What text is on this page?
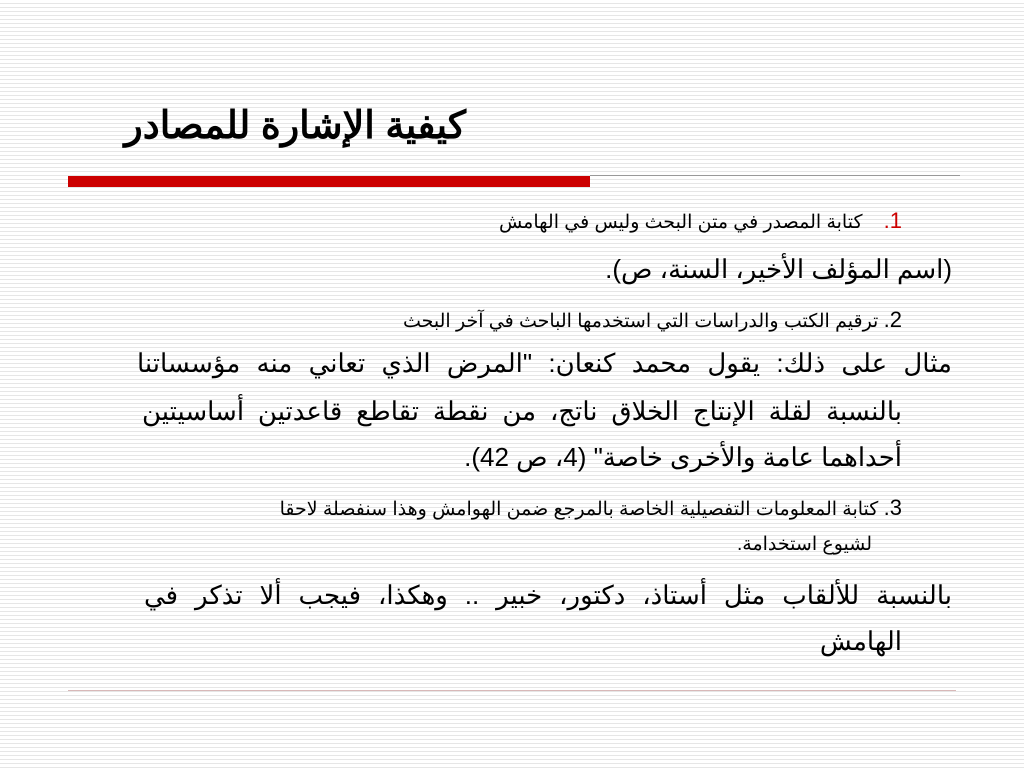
كيفية الإشارة للمصادر
1.    كتابة المصدر في متن البحث وليس في الهامش
(اسم المؤلف الأخير، السنة، ص).
2. ترقيم الكتب والدراسات التي استخدمها الباحث في آخر البحث
مثال على ذلك: يقول محمد كنعان: "المرض الذي تعاني منه مؤسساتنا
بالنسبة لقلة الإنتاج الخلاق ناتج، من نقطة تقاطع قاعدتين أساسيتين
أحداهما عامة والأخرى خاصة" (4، ص 42).
3. كتابة المعلومات التفصيلية الخاصة بالمرجع ضمن الهوامش وهذا سنفصلة لاحقا
لشيوع استخدامة.
بالنسبة للألقاب مثل أستاذ، دكتور، خبير .. وهكذا، فيجب ألا تذكر في
الهامش
